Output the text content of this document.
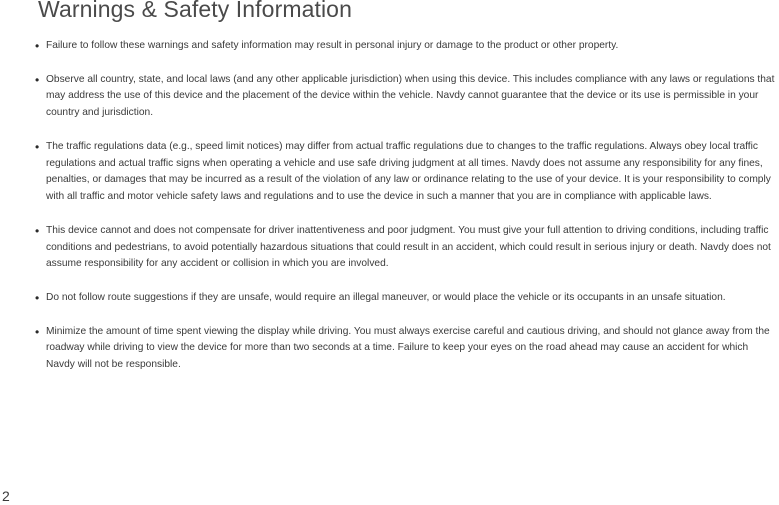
Warnings & Safety Information
• Failure to follow these warnings and safety information may result in personal injury or damage to the product or other property.
• Observe all country, state, and local laws (and any other applicable jurisdiction) when using this device. This includes compliance with any laws or regulations that may address the use of this device and the placement of the device within the vehicle. Navdy cannot guarantee that the device or its use is permissible in your country and jurisdiction.
• The traffic regulations data (e.g., speed limit notices) may differ from actual traffic regulations due to changes to the traffic regulations. Always obey local traffic regulations and actual traffic signs when operating a vehicle and use safe driving judgment at all times. Navdy does not assume any responsibility for any fines, penalties, or damages that may be incurred as a result of the violation of any law or ordinance relating to the use of your device. It is your responsibility to comply with all traffic and motor vehicle safety laws and regulations and to use the device in such a manner that you are in compliance with applicable laws.
• This device cannot and does not compensate for driver inattentiveness and poor judgment. You must give your full attention to driving conditions, including traffic conditions and pedestrians, to avoid potentially hazardous situations that could result in an accident, which could result in serious injury or death. Navdy does not assume responsibility for any accident or collision in which you are involved.
• Do not follow route suggestions if they are unsafe, would require an illegal maneuver, or would place the vehicle or its occupants in an unsafe situation.
• Minimize the amount of time spent viewing the display while driving. You must always exercise careful and cautious driving, and should not glance away from the roadway while driving to view the device for more than two seconds at a time. Failure to keep your eyes on the road ahead may cause an accident for which Navdy will not be responsible.
2
